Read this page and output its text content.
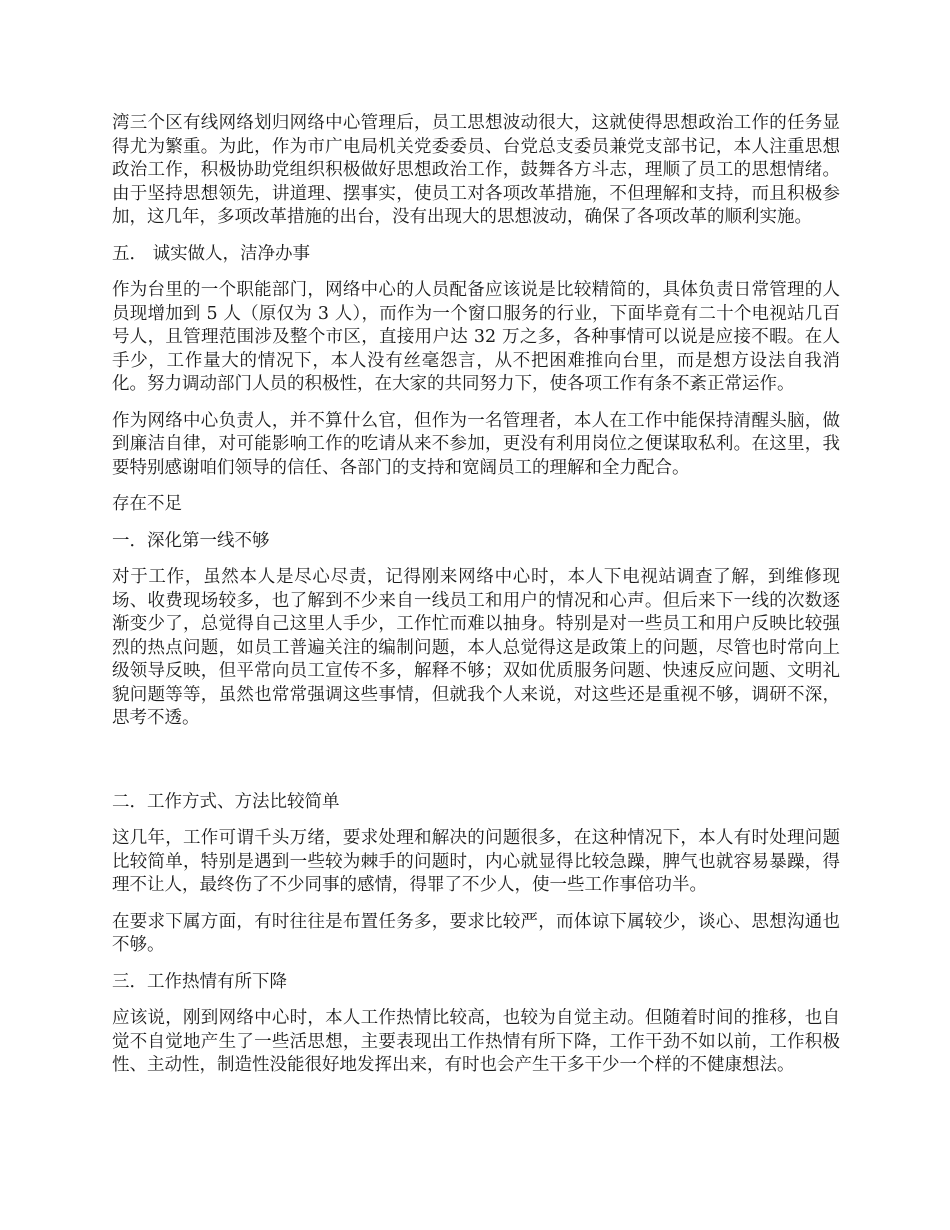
湾三个区有线网络划归网络中心管理后，员工思想波动很大，这就使得思想政治工作的任务显得尤为繁重。为此，作为市广电局机关党委委员、台党总支委员兼党支部书记，本人注重思想政治工作，积极协助党组织积极做好思想政治工作，鼓舞各方斗志，理顺了员工的思想情绪。由于坚持思想领先，讲道理、摆事实，使员工对各项改革措施，不但理解和支持，而且积极参加，这几年，多项改革措施的出台，没有出现大的思想波动，确保了各项改革的顺利实施。

五． 诚实做人，洁净办事

作为台里的一个职能部门，网络中心的人员配备应该说是比较精简的，具体负责日常管理的人员现增加到 5 人（原仅为 3 人），而作为一个窗口服务的行业，下面毕竟有二十个电视站几百号人，且管理范围涉及整个市区，直接用户达 32 万之多，各种事情可以说是应接不暇。在人手少，工作量大的情况下，本人没有丝毫怨言，从不把困难推向台里，而是想方设法自我消化。努力调动部门人员的积极性，在大家的共同努力下，使各项工作有条不紊正常运作。

作为网络中心负责人，并不算什么官，但作为一名管理者，本人在工作中能保持清醒头脑，做到廉洁自律，对可能影响工作的吃请从来不参加，更没有利用岗位之便谋取私利。在这里，我要特别感谢咱们领导的信任、各部门的支持和宽阔员工的理解和全力配合。

存在不足

一．深化第一线不够

对于工作，虽然本人是尽心尽责，记得刚来网络中心时，本人下电视站调查了解，到维修现场、收费现场较多，也了解到不少来自一线员工和用户的情况和心声。但后来下一线的次数逐渐变少了，总觉得自己这里人手少，工作忙而难以抽身。特别是对一些员工和用户反映比较强烈的热点问题，如员工普遍关注的编制问题，本人总觉得这是政策上的问题，尽管也时常向上级领导反映，但平常向员工宣传不多，解释不够；双如优质服务问题、快速反应问题、文明礼貌问题等等，虽然也常常强调这些事情，但就我个人来说，对这些还是重视不够，调研不深，思考不透。

二．工作方式、方法比较简单

这几年，工作可谓千头万绪，要求处理和解决的问题很多，在这种情况下，本人有时处理问题比较简单，特别是遇到一些较为棘手的问题时，内心就显得比较急躁，脾气也就容易暴躁，得理不让人，最终伤了不少同事的感情，得罪了不少人，使一些工作事倍功半。

在要求下属方面，有时往往是布置任务多，要求比较严，而体谅下属较少，谈心、思想沟通也不够。

三．工作热情有所下降

应该说，刚到网络中心时，本人工作热情比较高，也较为自觉主动。但随着时间的推移，也自觉不自觉地产生了一些活思想，主要表现出工作热情有所下降，工作干劲不如以前，工作积极性、主动性，制造性没能很好地发挥出来，有时也会产生干多干少一个样的不健康想法。
